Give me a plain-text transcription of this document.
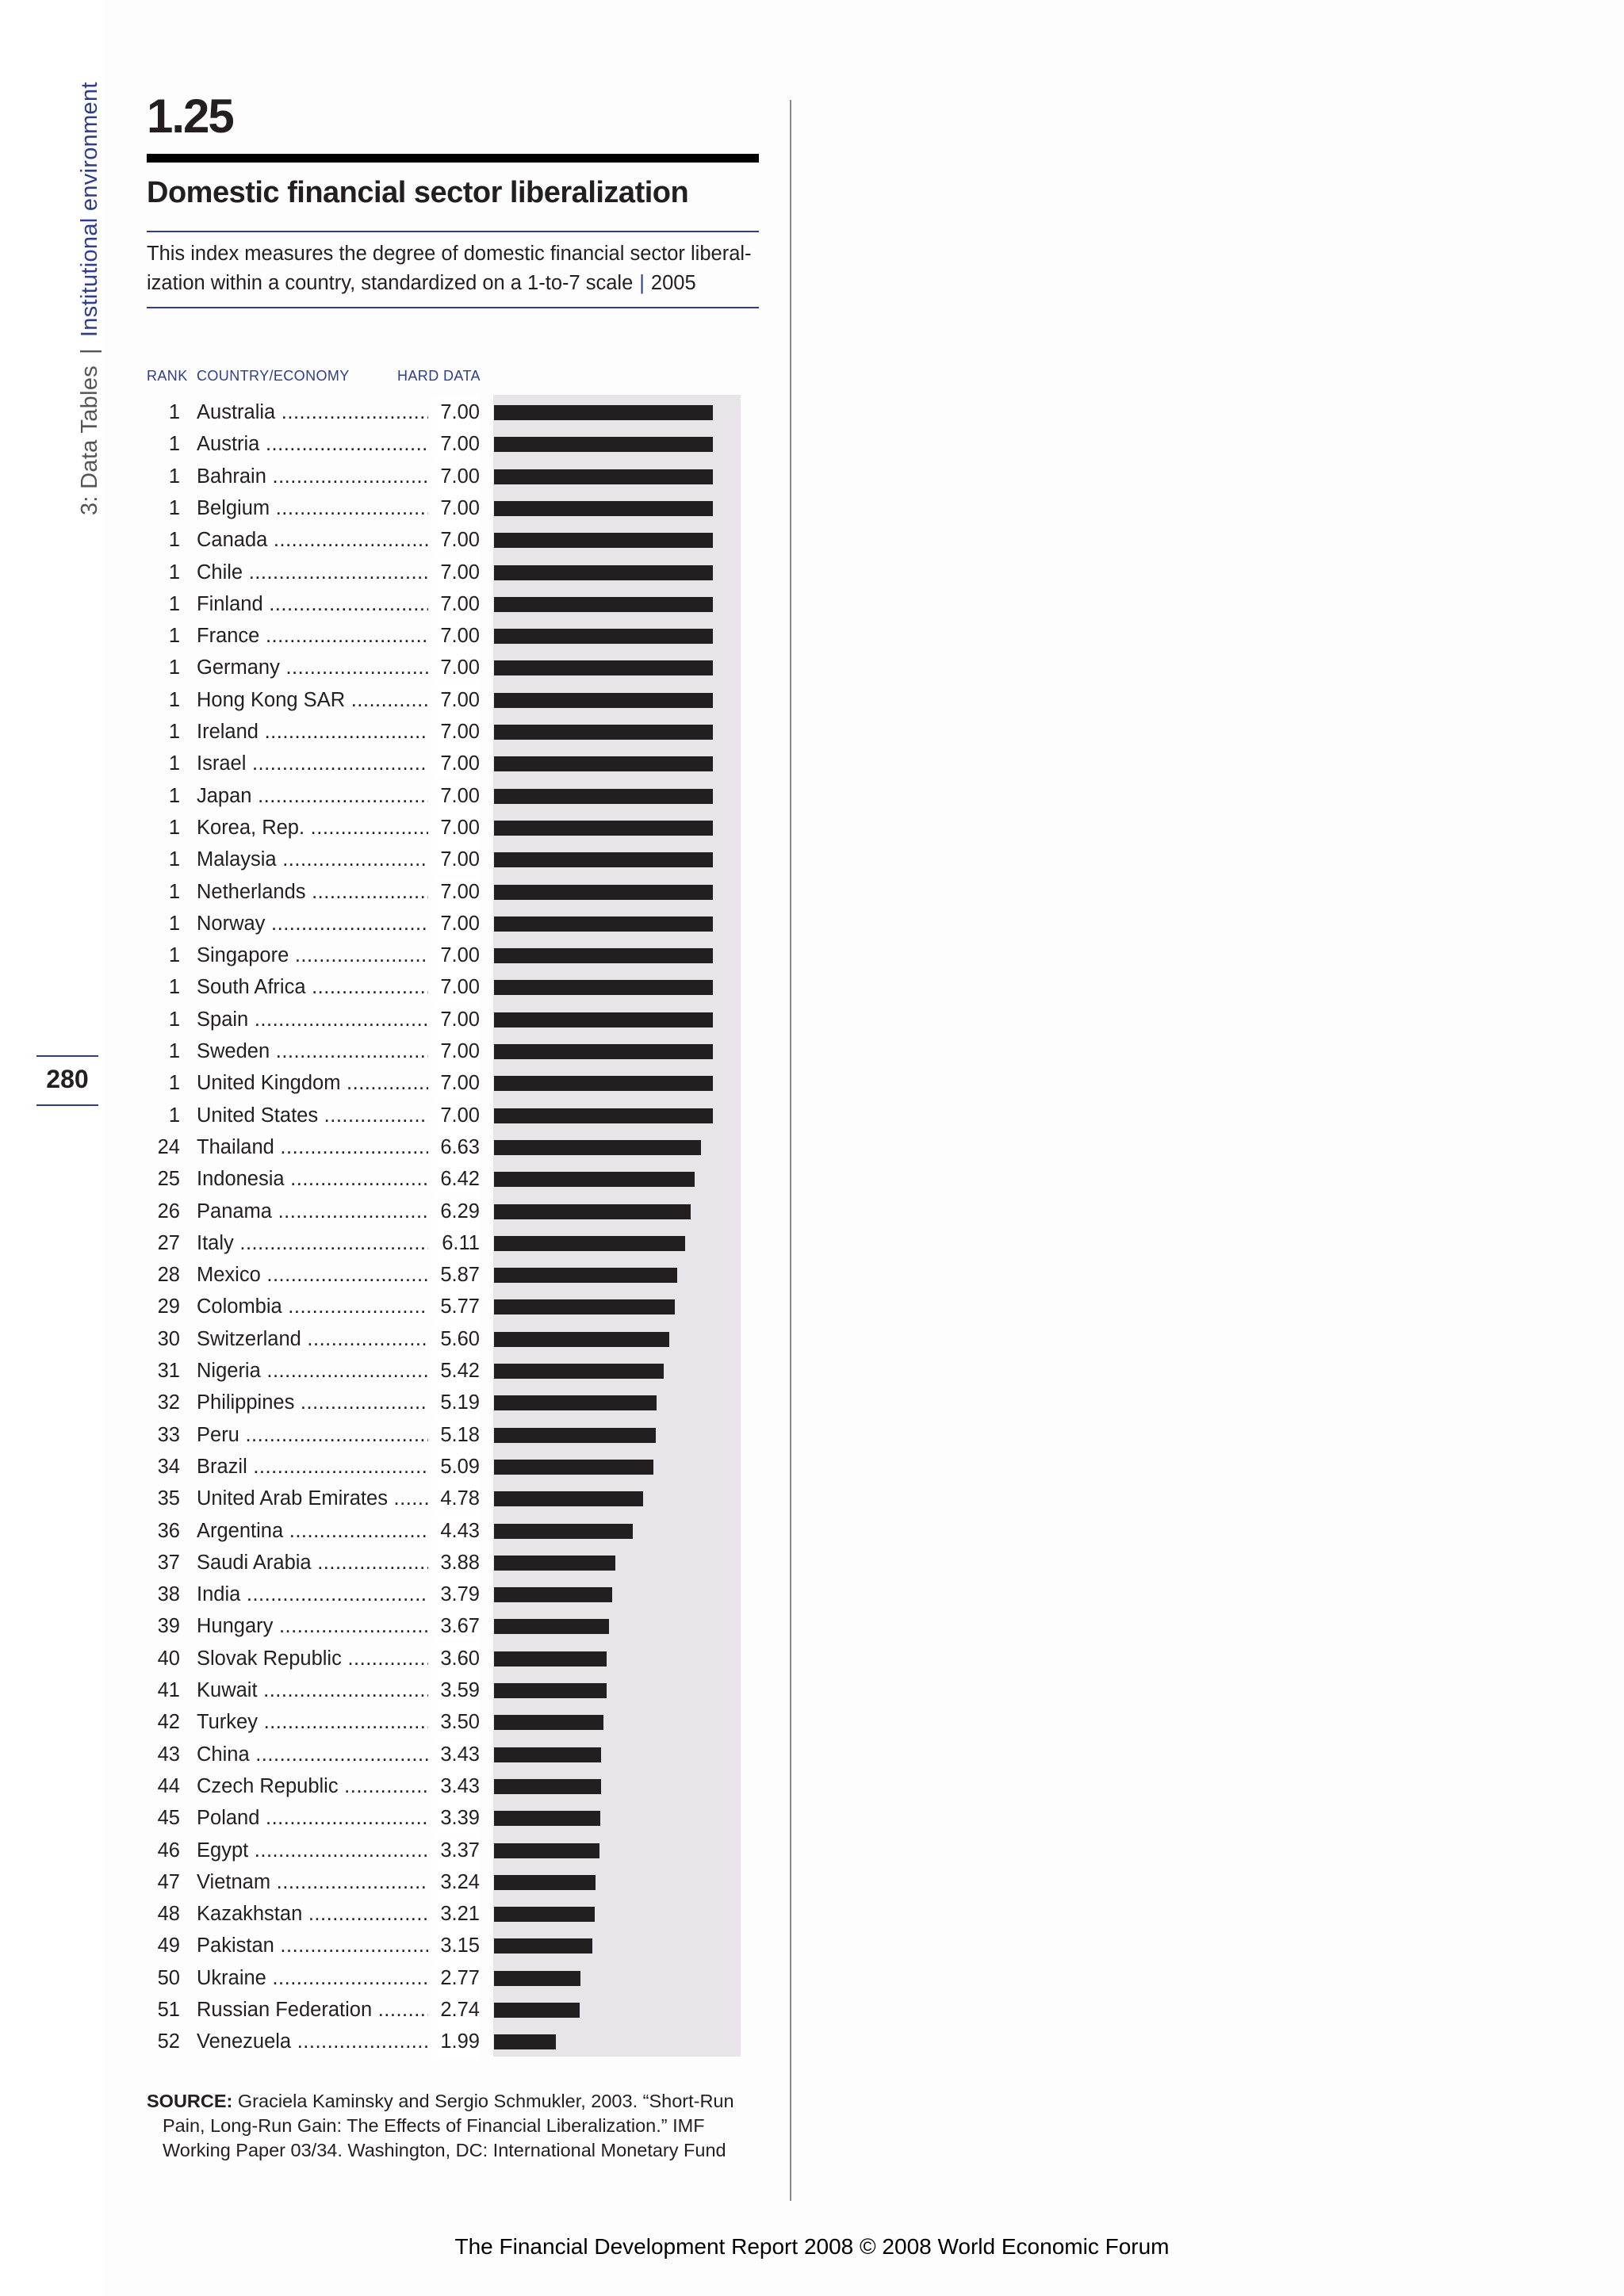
3: Data Tables|Institutional environment
280
1.25
Domestic financial sector liberalization
This index measures the degree of domestic financial sector liberal-
ization within a country, standardized on a 1-to-7 scale | 2005
RANK COUNTRY/ECONOMY	HARD DATA
1 Australia .....	7.00
1 Austria .....	7.00
1 Bahrain .....	7.00
1 Belgium .....	7.00
1 Canada .....	7.00
1 Chile .....	7.00
1 Finland .....	7.00
1 France .....	7.00
1 Germany .....	7.00
1 Hong Kong SAR .....	7.00
1 Ireland .....	7.00
1 Israel .....	7.00
1 Japan .....	7.00
1 Korea, Rep. .....	7.00
1 Malaysia .....	7.00
1 Netherlands .....	7.00
1 Norway .....	7.00
1 Singapore .....	7.00
1 South Africa .....	7.00
1 Spain .....	7.00
1 Sweden .....	7.00
1 United Kingdom .....	7.00
1 United States .....	7.00
24 Thailand .....	6.63
25 Indonesia .....	6.42
26 Panama .....	6.29
27 Italy .....	6.11
28 Mexico .....	5.87
29 Colombia .....	5.77
30 Switzerland .....	5.60
31 Nigeria .....	5.42
32 Philippines .....	5.19
33 Peru .....	5.18
34 Brazil .....	5.09
35 United Arab Emirates .....	4.78
36 Argentina .....	4.43
37 Saudi Arabia .....	3.88
38 India .....	3.79
39 Hungary .....	3.67
40 Slovak Republic .....	3.60
41 Kuwait .....	3.59
42 Turkey .....	3.50
43 China .....	3.43
44 Czech Republic .....	3.43
45 Poland .....	3.39
46 Egypt .....	3.37
47 Vietnam .....	3.24
48 Kazakhstan .....	3.21
49 Pakistan .....	3.15
50 Ukraine .....	2.77
51 Russian Federation .....	2.74
52 Venezuela .....	1.99
SOURCE: Graciela Kaminsky and Sergio Schmukler, 2003. “Short-Run
Pain, Long-Run Gain: The Effects of Financial Liberalization.” IMF
Working Paper 03/34. Washington, DC: International Monetary Fund
The Financial Development Report 2008 © 2008 World Economic Forum
